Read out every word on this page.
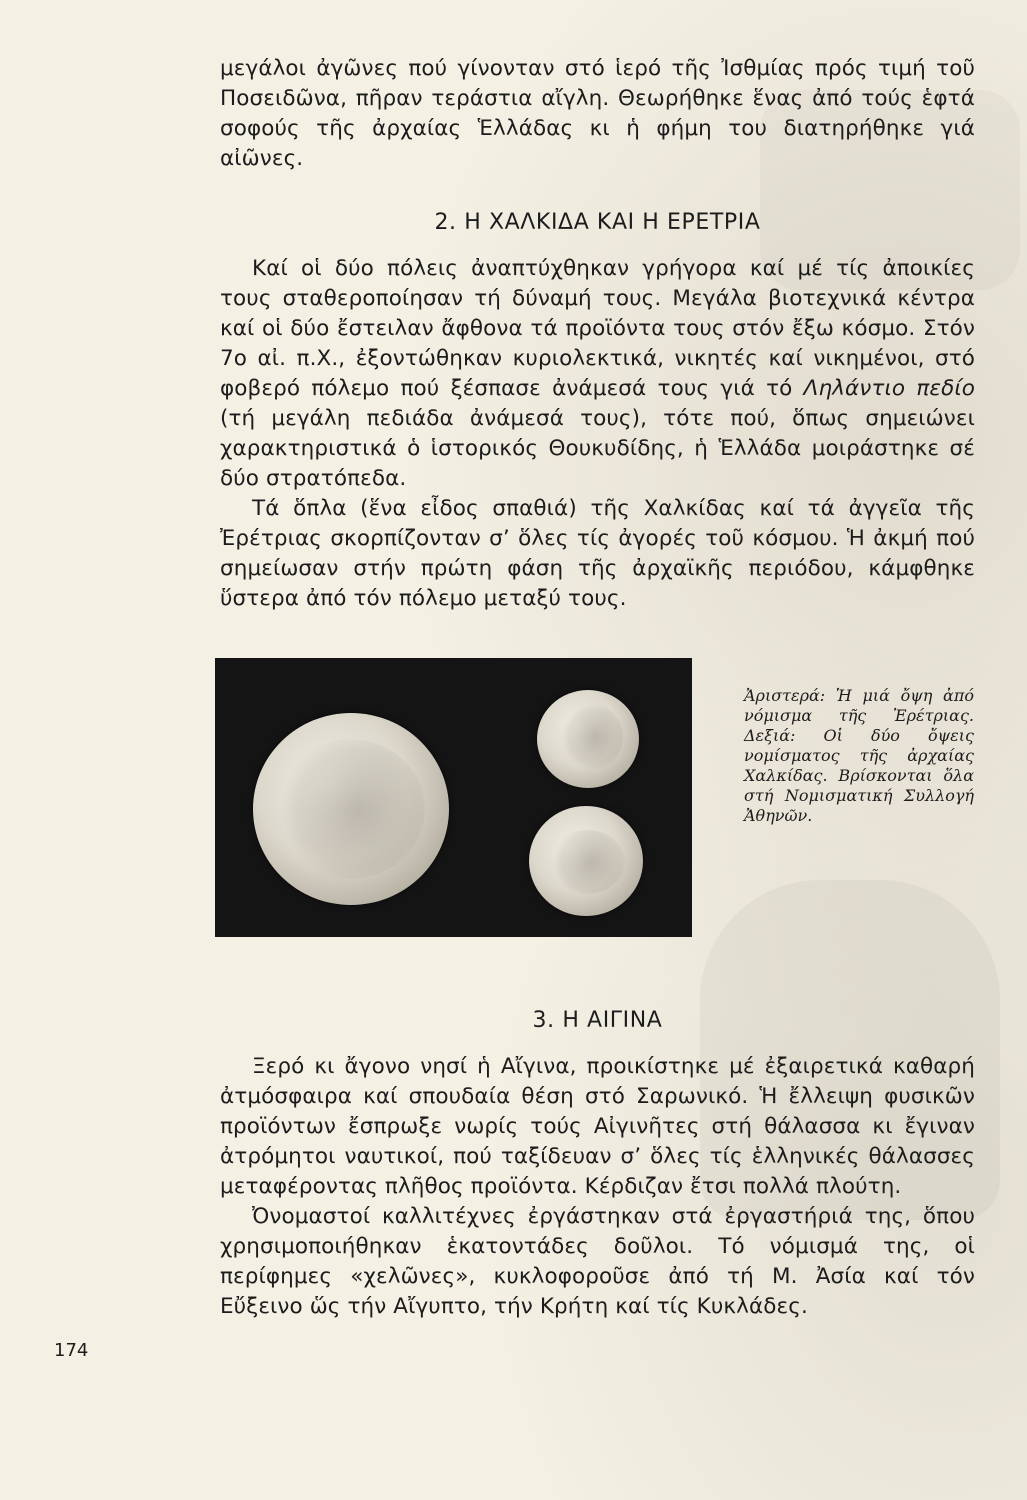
μεγάλοι ἀγῶνες πού γίνονταν στό ἱερό τῆς Ἰσθμίας πρός τιμή τοῦ Ποσειδῶνα, πῆραν τεράστια αἴγλη. Θεωρήθηκε ἕνας ἀπό τούς ἑφτά σοφούς τῆς ἀρχαίας Ἑλλάδας κι ἡ φήμη του διατηρήθηκε γιά αἰῶνες.

2. Η ΧΑΛΚΙΔΑ ΚΑΙ Η ΕΡΕΤΡΙΑ

Καί οἱ δύο πόλεις ἀναπτύχθηκαν γρήγορα καί μέ τίς ἀποικίες τους σταθεροποίησαν τή δύναμή τους. Μεγάλα βιοτεχνικά κέντρα καί οἱ δύο ἔστειλαν ἄφθονα τά προϊόντα τους στόν ἔξω κόσμο. Στόν 7ο αἰ. π.Χ., ἐξοντώθηκαν κυριολεκτικά, νικητές καί νικημένοι, στό φοβερό πόλεμο πού ξέσπασε ἀνάμεσά τους γιά τό Ληλάντιο πεδίο (τή μεγάλη πεδιάδα ἀνάμεσά τους), τότε πού, ὅπως σημειώνει χαρακτηριστικά ὁ ἱστορικός Θουκυδίδης, ἡ Ἑλλάδα μοιράστηκε σέ δύο στρατόπεδα.

Τά ὅπλα (ἕνα εἶδος σπαθιά) τῆς Χαλκίδας καί τά ἀγγεῖα τῆς Ἐρέτριας σκορπίζονταν σ’ ὅλες τίς ἀγορές τοῦ κόσμου. Ἡ ἀκμή πού σημείωσαν στήν πρώτη φάση τῆς ἀρχαϊκῆς περιόδου, κάμφθηκε ὕστερα ἀπό τόν πόλεμο μεταξύ τους.

Ἀριστερά: Ἡ μιά ὄψη ἀπό νόμισμα τῆς Ἐρέτριας. Δεξιά: Οἱ δύο ὄψεις νομίσματος τῆς ἀρχαίας Χαλκίδας. Βρίσκονται ὅλα στή Νομισματική Συλλογή Ἀθηνῶν.

3. Η ΑΙΓΙΝΑ

Ξερό κι ἄγονο νησί ἡ Αἴγινα, προικίστηκε μέ ἐξαιρετικά καθαρή ἀτμόσφαιρα καί σπουδαία θέση στό Σαρωνικό. Ἡ ἔλλειψη φυσικῶν προϊόντων ἔσπρωξε νωρίς τούς Αἰγινῆτες στή θάλασσα κι ἔγιναν ἀτρόμητοι ναυτικοί, πού ταξίδευαν σ’ ὅλες τίς ἑλληνικές θάλασσες μεταφέροντας πλῆθος προϊόντα. Κέρδιζαν ἔτσι πολλά πλούτη.

Ὀνομαστοί καλλιτέχνες ἐργάστηκαν στά ἐργαστήριά της, ὅπου χρησιμοποιήθηκαν ἑκατοντάδες δοῦλοι. Τό νόμισμά της, οἱ περίφημες «χελῶνες», κυκλοφοροῦσε ἀπό τή Μ. Ἀσία καί τόν Εὔξεινο ὥς τήν Αἴγυπτο, τήν Κρήτη καί τίς Κυκλάδες.

174
